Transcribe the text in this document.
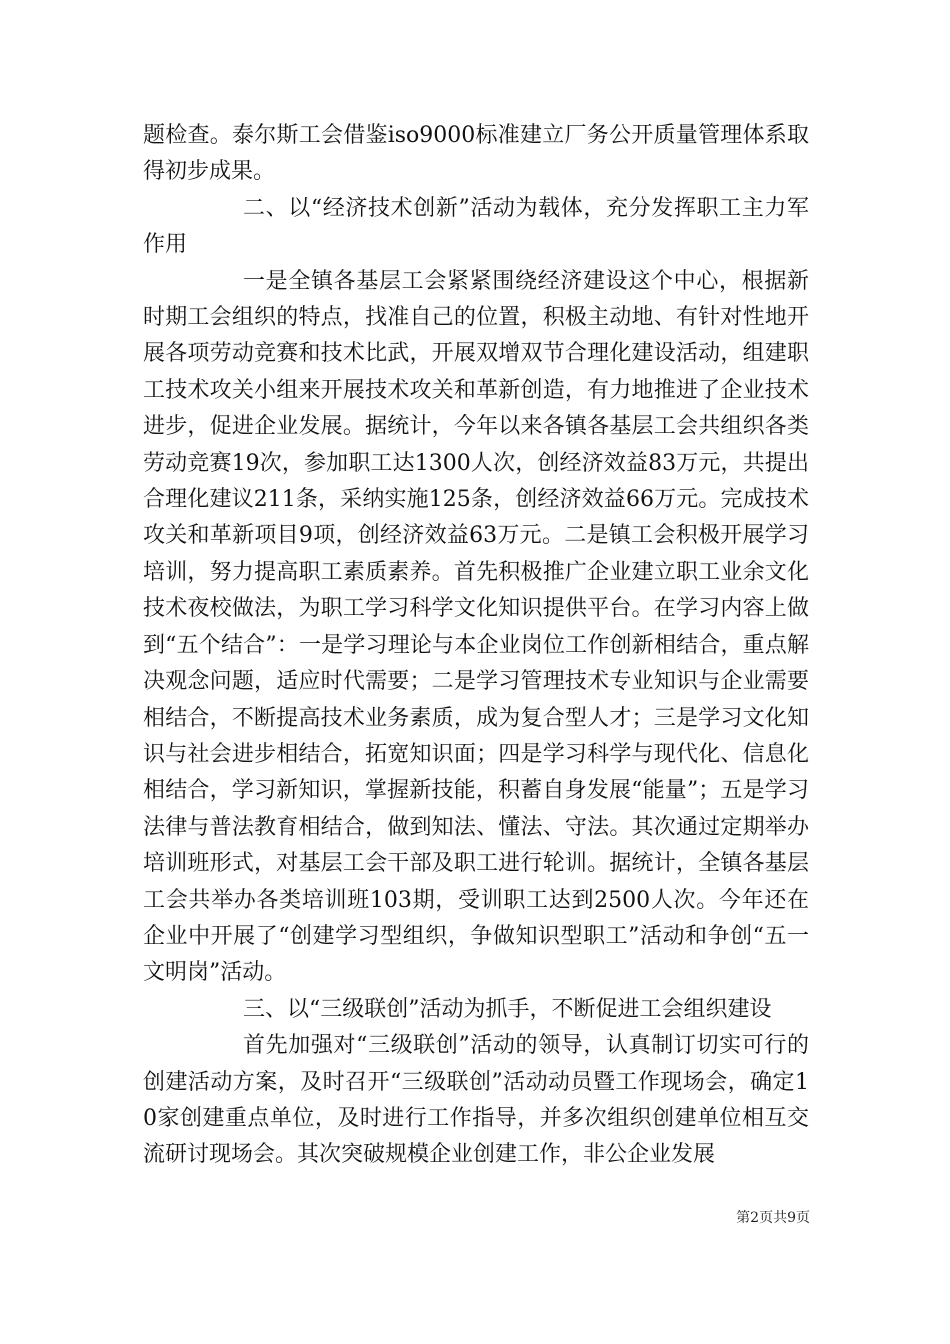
题检查。泰尔斯工会借鉴iso9000标准建立厂务公开质量管理体系取得初步成果。

二、以“经济技术创新”活动为载体，充分发挥职工主力军作用

一是全镇各基层工会紧紧围绕经济建设这个中心，根据新时期工会组织的特点，找准自己的位置，积极主动地、有针对性地开展各项劳动竞赛和技术比武，开展双增双节合理化建设活动，组建职工技术攻关小组来开展技术攻关和革新创造，有力地推进了企业技术进步，促进企业发展。据统计，今年以来各镇各基层工会共组织各类劳动竞赛19次，参加职工达1300人次，创经济效益83万元，共提出合理化建议211条，采纳实施125条，创经济效益66万元。完成技术攻关和革新项目9项，创经济效益63万元。二是镇工会积极开展学习培训，努力提高职工素质素养。首先积极推广企业建立职工业余文化技术夜校做法，为职工学习科学文化知识提供平台。在学习内容上做到“五个结合”：一是学习理论与本企业岗位工作创新相结合，重点解决观念问题，适应时代需要；二是学习管理技术专业知识与企业需要相结合，不断提高技术业务素质，成为复合型人才；三是学习文化知识与社会进步相结合，拓宽知识面；四是学习科学与现代化、信息化相结合，学习新知识，掌握新技能，积蓄自身发展“能量”；五是学习法律与普法教育相结合，做到知法、懂法、守法。其次通过定期举办培训班形式，对基层工会干部及职工进行轮训。据统计，全镇各基层工会共举办各类培训班103期，受训职工达到2500人次。今年还在企业中开展了“创建学习型组织，争做知识型职工”活动和争创“五一文明岗”活动。

三、以“三级联创”活动为抓手，不断促进工会组织建设

首先加强对“三级联创”活动的领导，认真制订切实可行的创建活动方案，及时召开“三级联创”活动动员暨工作现场会，确定10家创建重点单位，及时进行工作指导，并多次组织创建单位相互交流研讨现场会。其次突破规模企业创建工作，非公企业发展

第2页共9页
